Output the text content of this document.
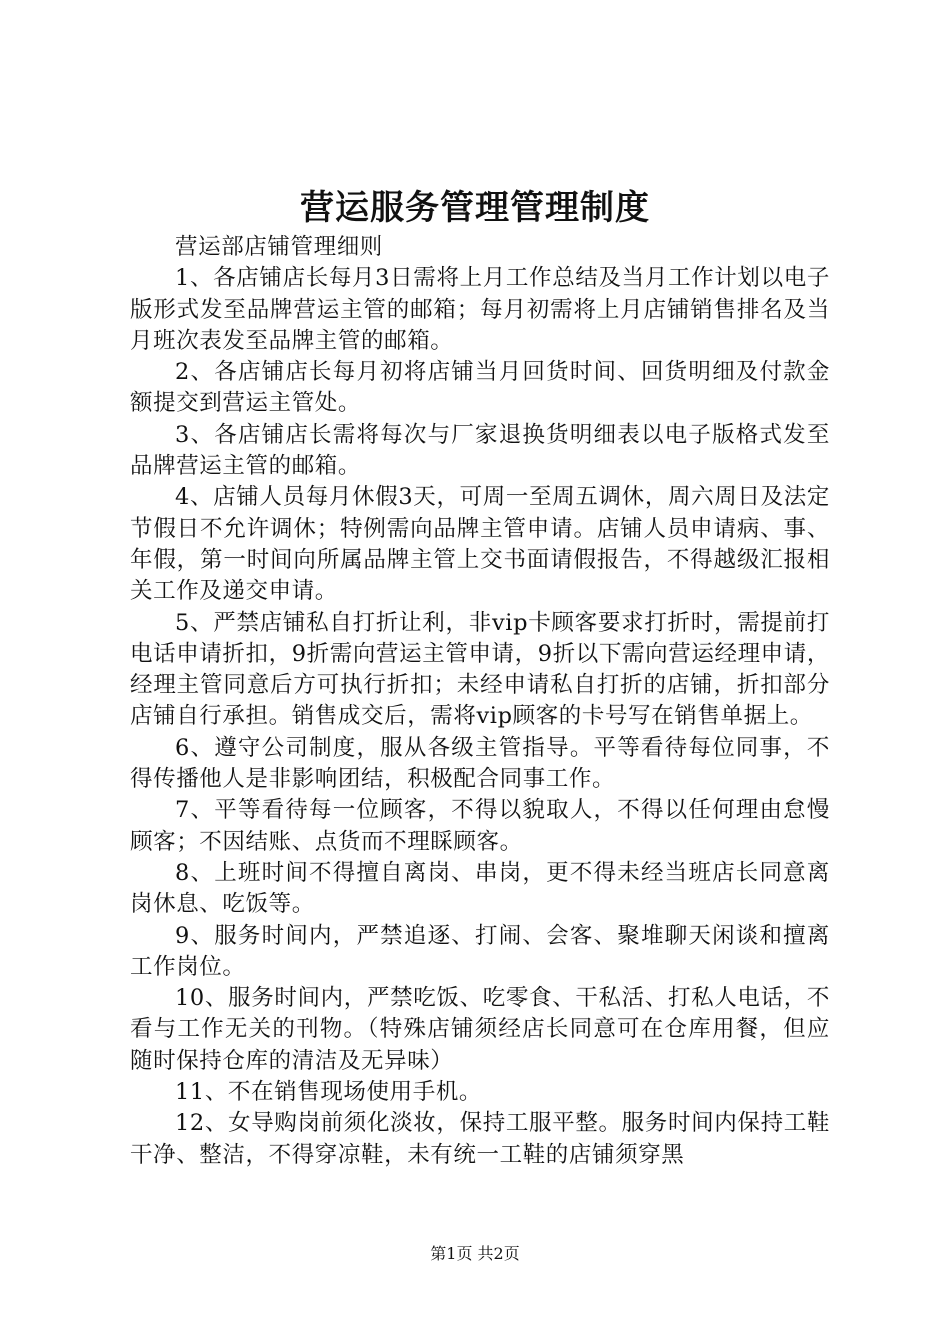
营运服务管理管理制度

营运部店铺管理细则

1、各店铺店长每月3日需将上月工作总结及当月工作计划以电子版形式发至品牌营运主管的邮箱；每月初需将上月店铺销售排名及当月班次表发至品牌主管的邮箱。

2、各店铺店长每月初将店铺当月回货时间、回货明细及付款金额提交到营运主管处。

3、各店铺店长需将每次与厂家退换货明细表以电子版格式发至品牌营运主管的邮箱。

4、店铺人员每月休假3天，可周一至周五调休，周六周日及法定节假日不允许调休；特例需向品牌主管申请。店铺人员申请病、事、年假，第一时间向所属品牌主管上交书面请假报告，不得越级汇报相关工作及递交申请。

5、严禁店铺私自打折让利，非vip卡顾客要求打折时，需提前打电话申请折扣，9折需向营运主管申请，9折以下需向营运经理申请，经理主管同意后方可执行折扣；未经申请私自打折的店铺，折扣部分店铺自行承担。销售成交后，需将vip顾客的卡号写在销售单据上。

6、遵守公司制度，服从各级主管指导。平等看待每位同事，不得传播他人是非影响团结，积极配合同事工作。

7、平等看待每一位顾客，不得以貌取人，不得以任何理由怠慢顾客；不因结账、点货而不理睬顾客。

8、上班时间不得擅自离岗、串岗，更不得未经当班店长同意离岗休息、吃饭等。

9、服务时间内，严禁追逐、打闹、会客、聚堆聊天闲谈和擅离工作岗位。

10、服务时间内，严禁吃饭、吃零食、干私活、打私人电话，不看与工作无关的刊物。（特殊店铺须经店长同意可在仓库用餐，但应随时保持仓库的清洁及无异味）

11、不在销售现场使用手机。

12、女导购岗前须化淡妆，保持工服平整。服务时间内保持工鞋干净、整洁，不得穿凉鞋，未有统一工鞋的店铺须穿黑

第1页 共2页
